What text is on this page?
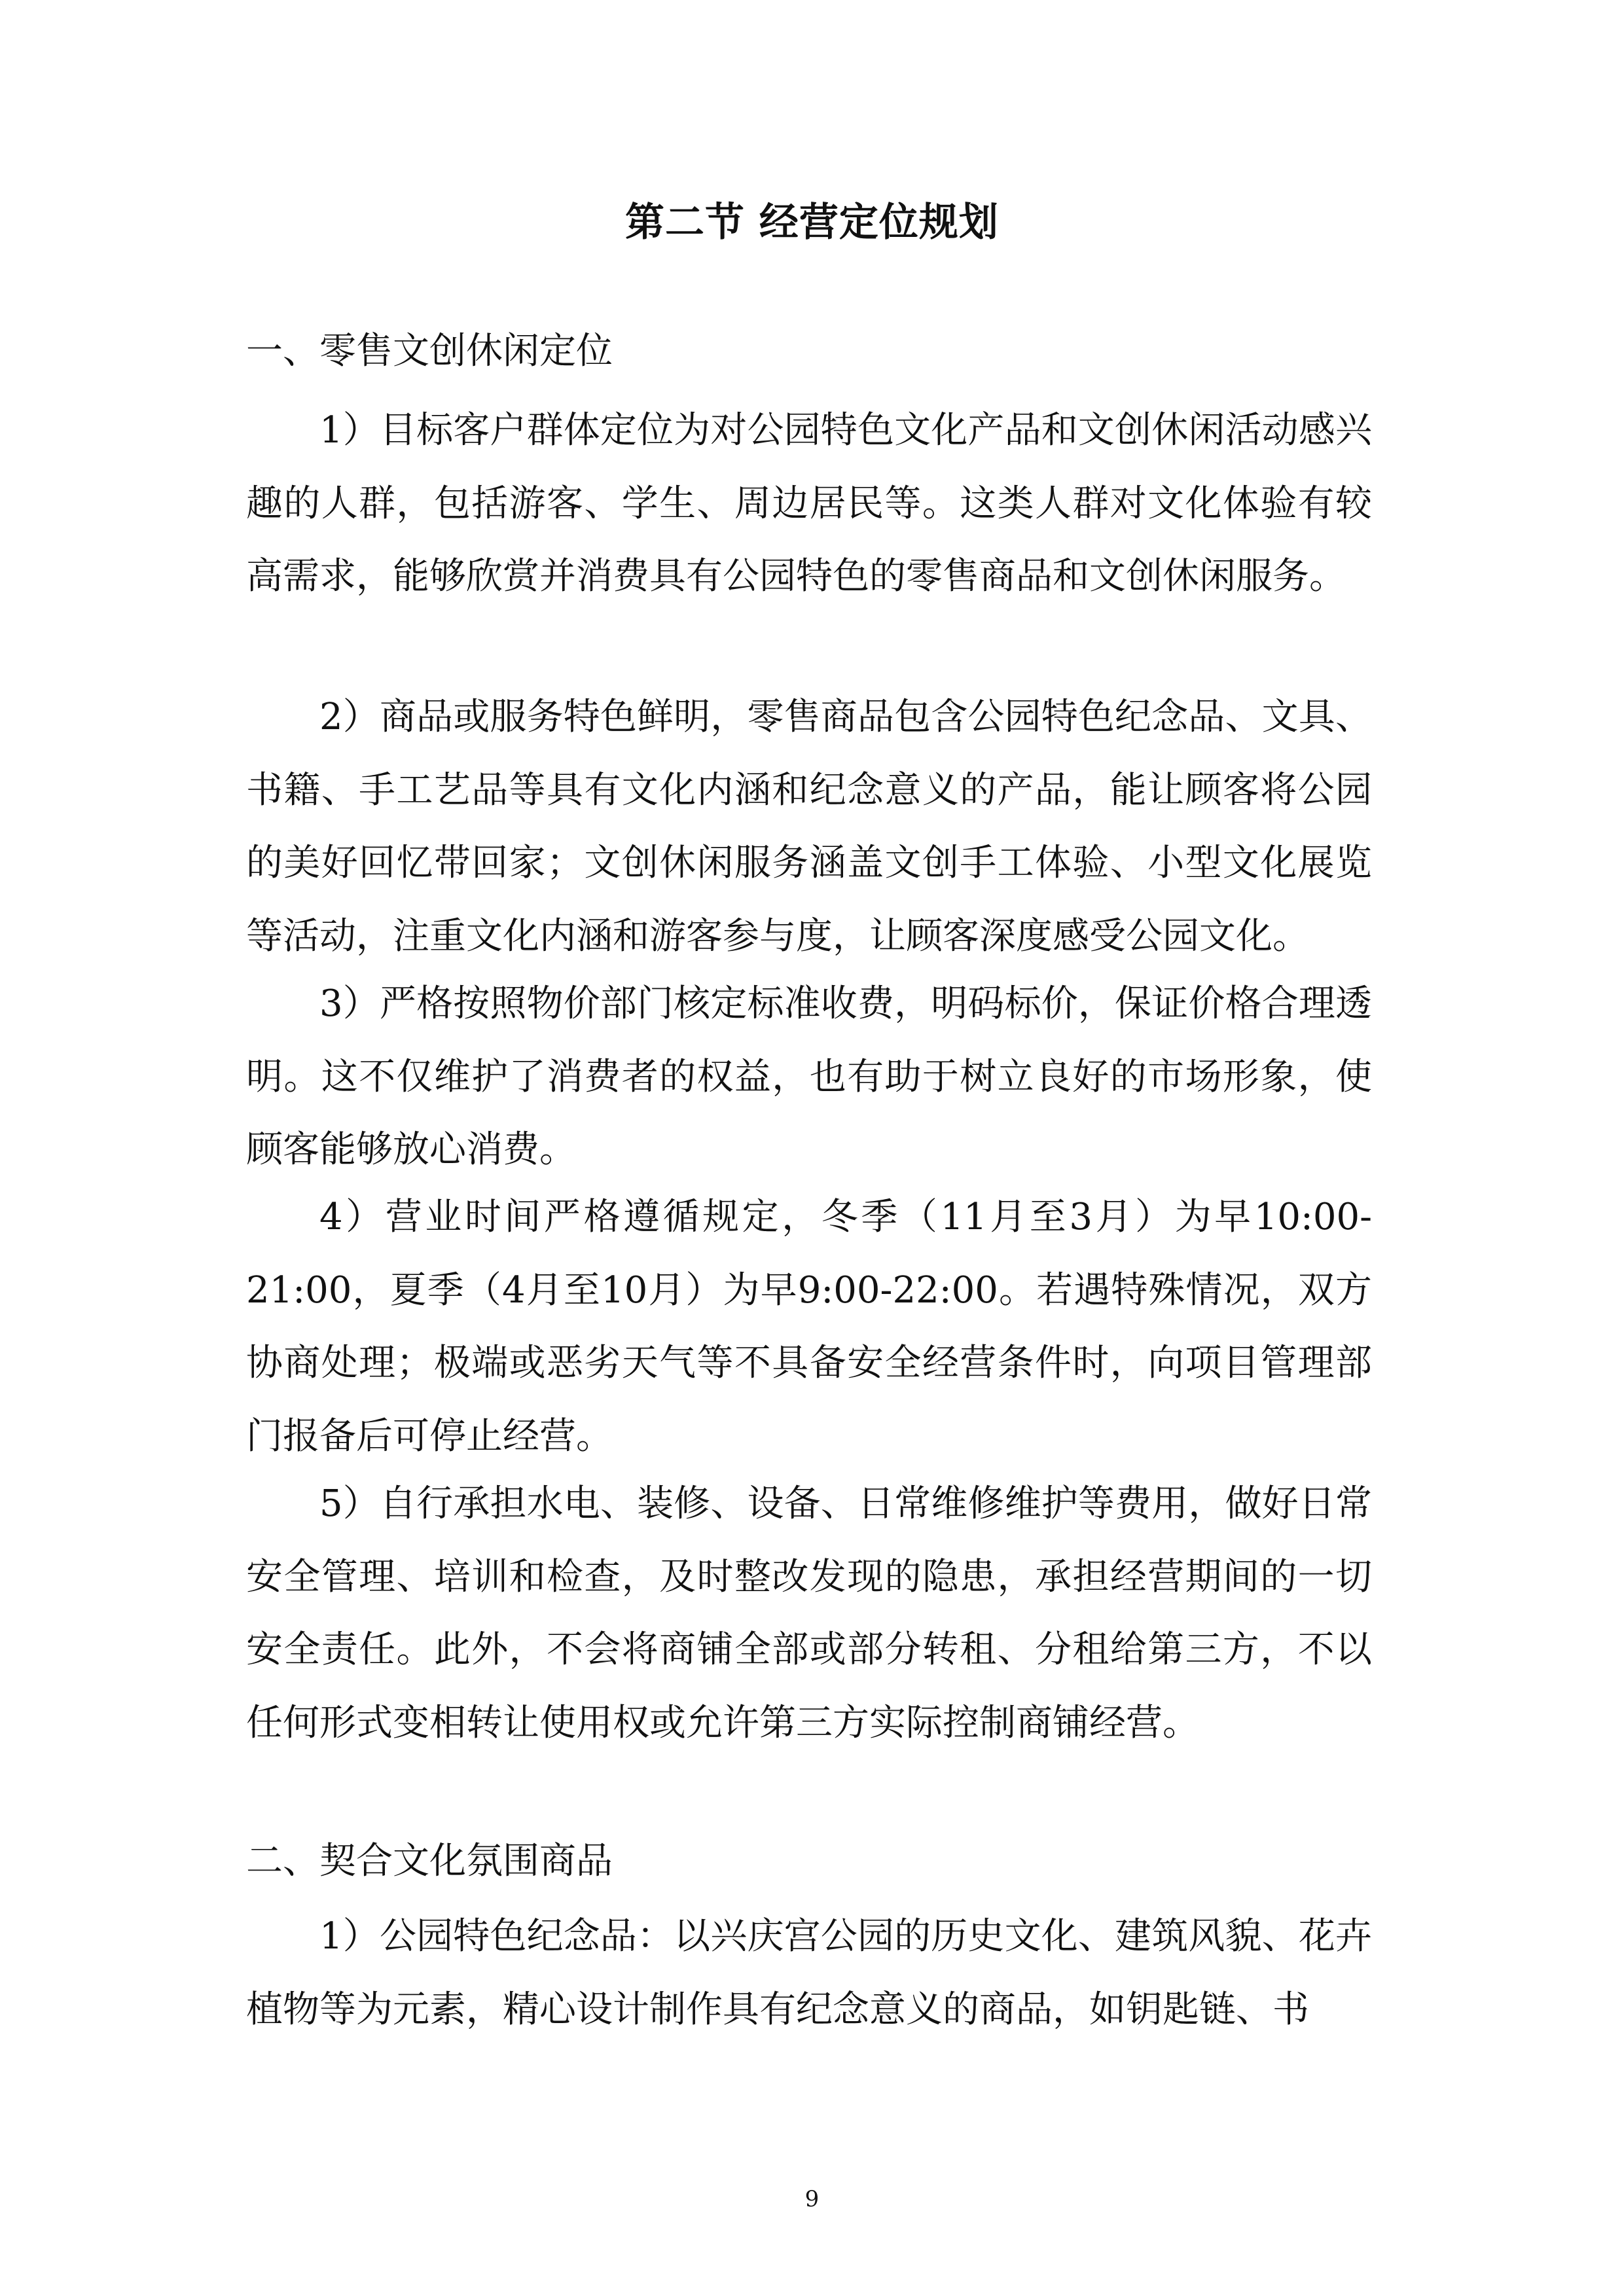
第二节 经营定位规划
一、零售文创休闲定位

1）目标客户群体定位为对公园特色文化产品和文创休闲活动感兴趣的人群，包括游客、学生、周边居民等。这类人群对文化体验有较高需求，能够欣赏并消费具有公园特色的零售商品和文创休闲服务。

2）商品或服务特色鲜明，零售商品包含公园特色纪念品、文具、书籍、手工艺品等具有文化内涵和纪念意义的产品，能让顾客将公园的美好回忆带回家；文创休闲服务涵盖文创手工体验、小型文化展览等活动，注重文化内涵和游客参与度，让顾客深度感受公园文化。

3）严格按照物价部门核定标准收费，明码标价，保证价格合理透明。这不仅维护了消费者的权益，也有助于树立良好的市场形象，使顾客能够放心消费。

4）营业时间严格遵循规定，冬季（11月至3月）为早10:00-21:00，夏季（4月至10月）为早9:00-22:00。若遇特殊情况，双方协商处理；极端或恶劣天气等不具备安全经营条件时，向项目管理部门报备后可停止经营。

5）自行承担水电、装修、设备、日常维修维护等费用，做好日常安全管理、培训和检查，及时整改发现的隐患，承担经营期间的一切安全责任。此外，不会将商铺全部或部分转租、分租给第三方，不以任何形式变相转让使用权或允许第三方实际控制商铺经营。

二、契合文化氛围商品

1）公园特色纪念品：以兴庆宫公园的历史文化、建筑风貌、花卉植物等为元素，精心设计制作具有纪念意义的商品，如钥匙链、书

9
